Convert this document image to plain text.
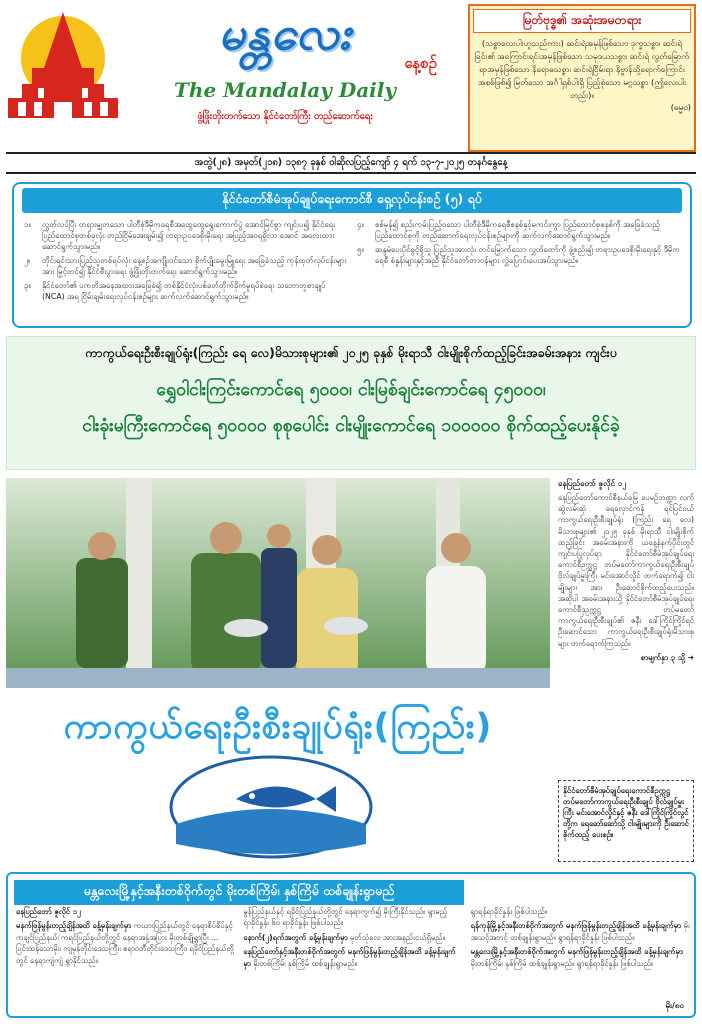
မန္တလေး
နေ့စဉ်
The Mandalay Daily
ဖွံ့ဖြိုးတိုးတက်သော နိုင်ငံတော်ကြီး တည်ဆောက်ရေး
မြတ်ဗုဒ္ဓ၏ အဆုံးအမတရား
(သစ္စာလေးပါးဟူသည်ကား) ဆင်းရဲအမှန်ဖြစ်သော ဒုက္ခသစ္စာ၊ ဆင်းရဲခြင်း၏ အကြောင်းရင်းအမှန်ဖြစ်သော သမုဒယသစ္စာ၊ ဆင်းရဲ လွတ်မြောက်ရာအမှန်ဖြစ်သော နိရောဓသစ္စာ၊ ဆင်းရဲငြိမ်းရာ နိဗ္ဗာန်သို့ရောက်ကြောင်း အစစ်ဖြစ်၍ မြတ်သော အင်္ဂါရှစ်ပါးရှိ ပြည့်စုံသော မဂ္ဂသစ္စာ (ဤလေးပါးတည်း)။
(ဓမ္မ၀)
အတွဲ(၂၈) အမှတ်(၂၁၈) ၁၃၈၇ ခုနှစ် ဝါဆိုလပြည့်ကျော် ၄ ရက် ၁၃-၇-၂၀၂၅ တနင်္ဂနွေနေ့
နိုင်ငံတော်စီမံအုပ်ချုပ်ရေးကောင်စီ ရှေ့လုပ်ငန်းစဉ် (၅) ရပ်
၁။	လွတ်လပ်ပြီး တရားမျှတသော ပါတီစုံဒီမိုကရေစီအထွေထွေရွေးကောက်ပွဲ အောင်မြင်စွာ ကျင်းပ၍ နိုင်ငံရေး ပြည်ထောင်စုတစ်ခုလုံး တည်ငြိမ်အေးချမ်း၍ တရားဥပဒေစိုးမိုးရေး အပြည့်အဝရရှိလာ အောင် အလေးထားဆောင်ရွက်သွားမည်။
၂။	တိုင်းရင်းသားပြည်သူတစ်ရပ်လုံး နေ့စဉ်အကျိုးဝင်သော စိုက်ပျိုးမွေးမြူရေး အခြေခံသည့် ကုန်ထုတ်လုပ်ငန်းများအား မြှင့်တင်၍ နိုင်ငံစီးပွားရေး ဖွံ့ဖြိုးတိုးတက်ရေး ဆောင်ရွက်သွားမည်။
၃။	နိုင်ငံတော်၏ ပကတိအနေအထားအခြေခံ၍ တစ်နိုင်ငံလုံးပစ်ခတ်တိုက်ခိုက်မှုရပ်စဲရေး သဘောတူစာချုပ် (NCA) အရ ငြိမ်းချမ်းရေးလုပ်ငန်းစဉ်များ ဆက်လက်ဆောင်ရွက်သွားမည်။
၄။	စစ်မှန်၍ စည်းကမ်းပြည့်ဝသော ပါတီစုံဒီမိုကရေစီစနစ်နှင့်မကင်းကွာ ပြည်ထောင်စုစနစ်ကို အခြေခံသည့် ပြည်ထောင်စုကို တည်ဆောက်ရေးလုပ်ငန်းစဉ်များကို ဆက်လက်ဆောင်ရွက်သွားမည်။
၅။	ဆန္ဒမဲပေးပိုင်ခွင့်ရှိသူ ပြည်သူအားလုံး တင်မြှောက်သော လွှတ်တော်ကို ဖွဲ့စည်း၍ တရားဥပဒေစိုးမိုးရေးနှင့် ဒီမိုကရေစီ စံနှုန်းများနှင့်အညီ နိုင်ငံတော်တာဝန်များ လွှဲပြောင်းပေးအပ်သွားမည်။
ကာကွယ်ရေးဦးစီးချုပ်ရုံး(ကြည်း ရေ လေ)မိသားစုများ၏ ၂၀၂၅ ခုနှစ် မိုးရာသီ ငါးမျိုးစိုက်ထည့်ခြင်းအခမ်းအနား ကျင်းပ
ရွှေဝါငါးကြင်းကောင်ရေ ၅၀၀၀၊ ငါးမြစ်ချင်းကောင်ရေ ၄၅၀၀၀၊
ငါးခုံးမကြီးကောင်ရေ ၅၀၀၀၀ စုစုပေါင်း ငါးမျိုးကောင်ရေ ၁၀၀၀၀၀ စိုက်ထည့်ပေးနိုင်ခဲ့
ကာကွယ်ရေးဦးစီးချုပ်ရုံး(ကြည်း)
နေပြည်တော် ဇူလိုင် ၁၂
နေပြည်တော်ကောင်စီနယ်မြေ ပေမဉ်ဘဏ္ဍာ လက်ဆွဲလမ်းဆုံ ရေလှောင်ကန် ရင်ပြင်ဝယ် ကာကွယ်ရေးဦးစီးချုပ်ရုံး (ကြည်း ရေ လေ) မိသားစုများ၏ ၂၀၂၅ ခုနှစ် မိုးရာသီ ငါးမျိုးစိုက်ထည့်ခြင်း အခမ်းအနားကို ယနေ့နံနက်ပိုင်းတွင် ကျင်းပပြုလုပ်ရာ နိုင်ငံတော်စီမံအုပ်ချုပ်ရေးကောင်စီဥက္ကဋ္ဌ တပ်မတော်ကာကွယ်ရေးဦးစီးချုပ် ဗိုလ်ချုပ်မှူးကြီး မင်းအောင်လှိုင် တက်ရောက်၍ ငါးမျိုးများ အား ဦးဆောင်စိုက်ထည့်ပေးသည်။ အဆိုပါ အခမ်းအနားသို့ နိုင်ငံတော်စီမံအုပ်ချုပ်ရေးကောင်စီဒုဥက္ကဋ္ဌ တပ်မတော် ကာကွယ်ရေးဦးစီးချုပ်၏ ဇနီး ဒေါ်ကြိုင်ကြိုင်ရင် ဦးဆောင်သော ကာကွယ်ရေးဦးစီးချုပ်ရုံးမိသားစုများ တက်ရောက်ကြသည်။
စာမျက်နှာ ၃ သို့ ➜
နိုင်ငံတော်စီမံအုပ်ချုပ်ရေးကောင်စီဥက္ကဋ္ဌ တပ်မတော်ကာကွယ်ရေးဦးစီးချုပ် ဗိုလ်ချုပ်မှူးကြီး မင်းအောင်လှိုင်နှင့် ဇနီး ဒေါ်ကြိုင်ကြိုင်လွင်တို့က ရေဆော်ဆော်သို့ ငါးမျိုးများကို ဦးဆောင်စိုက်ထည့် ပေးစဉ်။
မန္တလေးမြို့နှင့်အနီးတစ်ဝိုက်တွင် မိုးတစ်ကြိမ်၊ နှစ်ကြိမ် ထစ်ချုန်းရွာမည်
နေပြည်တော် ဇူလိုင် ၁၂
မနက်ဖြန်မွန်းတည့်ချိန်အထိ ခန့်မှန်းချက်မှာ ကယားပြည်နယ်တွင် နေရာစိပ်စိပ်နှင့် ကချင်ပြည်နယ်၊ ကရင်ပြည်နယ်တို့တွင် နေရာအနှံ့အပြား မိုးတစ်ချို့ရွာပြီး ... ပြင်းထန်သောမိုး၊ ကျမုန်တိုင်းဒေသကြီး၊ ဧရာဝတီတိုင်းဒေသကြီး၊ ရခိုင်ပြည်နယ်တို့တွင် နေရာကျဲကျဲ ရွာနိုင်သည်။
မွန်ပြည်နယ်နှင့် ရခိုင်ပြည်နယ်တို့တွင် နေရာကွက်၍ မိုးကြီးနိုင်သည်။ ရွာမည့်ရာခိုင်နှုန်း ၆၀ ရာခိုင်နှုန်း ဖြစ်ပါသည်။
နောက်(၂)ရက်အတွက် ခန့်မှန်းချက်မှာ မုတ်သုံလေ အားအနည်းငယ်ရှိမည်။
နေပြည်တော်နှင့်အနီးတစ်ဝိုက်အတွက် မနက်ဖြန်မွန်းတည့်ချိန်အထိ ခန့်မှန်းချက်မှာ မိုးတစ်ကြိမ်၊ နှစ်ကြိမ် ထစ်ချုန်းရွာမည်။
ရွာရန်ရာခိုင်နှုန်း ဖြစ်ပါသည်။
ရန်ကုန်မြို့နှင့်အနီးတစ်ဝိုက်အတွက် မနက်ဖြန်မွန်းတည့်ချိန်အထိ ခန့်မှန်းချက်မှာ မိုးအသင့်အတင့် ထစ်ချုန်းရွာမည်။ ရွာရန်ရာခိုင်နှုန်း ဖြစ်ပါသည်။
မန္တလေးမြို့နှင့်အနီးတစ်ဝိုက်အတွက် မနက်ဖြန်မွန်းတည့်ချိန်အထိ ခန့်မှန်းချက်မှာ မိုးတစ်ကြိမ်၊ နှစ်ကြိမ် ထစ်ချုန်းရွာမည်။ ရွာရန်ရာခိုင်နှုန်း ဖြစ်ပါသည်။
မိုး/၈၀
